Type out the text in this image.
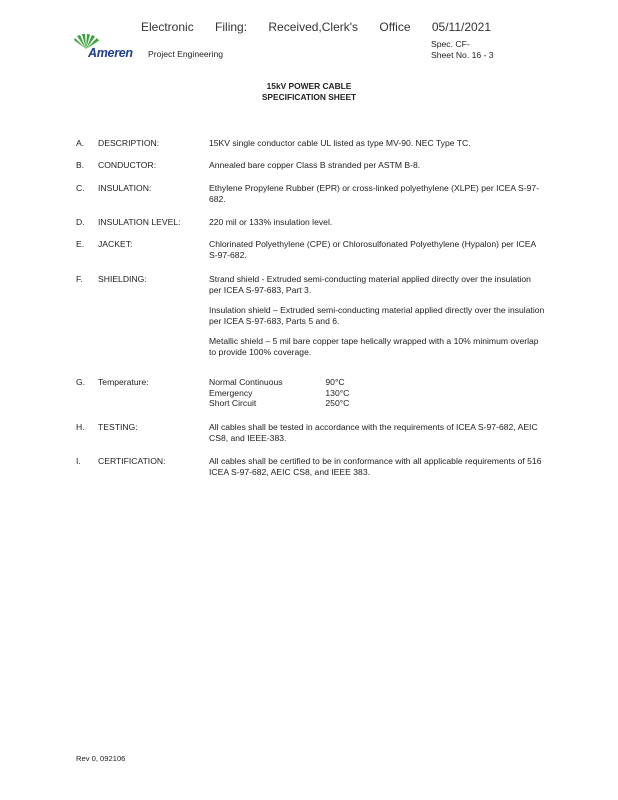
Electronic Filing: Received,Clerk's Office 05/11/2021
Ameren Project Engineering
Spec. CF-
Sheet No. 16 - 3
15kV POWER CABLE
SPECIFICATION SHEET
A. DESCRIPTION:	15KV single conductor cable UL listed as type MV-90. NEC Type TC.

B. CONDUCTOR:	Annealed bare copper Class B stranded per ASTM B-8.

C. INSULATION:	Ethylene Propylene Rubber (EPR) or cross-linked polyethylene (XLPE) per ICEA S-97-682.

D. INSULATION LEVEL:	220 mil or 133% insulation level.

E. JACKET:	Chlorinated Polyethylene (CPE) or Chlorosulfonated Polyethylene (Hypalon) per ICEA S-97-682.

F. SHIELDING:	Strand shield - Extruded semi-conducting material applied directly over the insulation per ICEA S-97-683, Part 3.

Insulation shield – Extruded semi-conducting material applied directly over the insulation per ICEA S-97-683, Parts 5 and 6.

Metallic shield – 5 mil bare copper tape helically wrapped with a 10% minimum overlap to provide 100% coverage.

G. Temperature:	Normal Continuous	90°C
Emergency	130°C
Short Circuit	250°C
H. TESTING:	All cables shall be tested in accordance with the requirements of ICEA S-97-682, AEIC CS8, and IEEE-383.

I. CERTIFICATION:	All cables shall be certified to be in conformance with all applicable requirements of 516 ICEA S-97-682, AEIC CS8, and IEEE 383.

Rev 0, 092106
